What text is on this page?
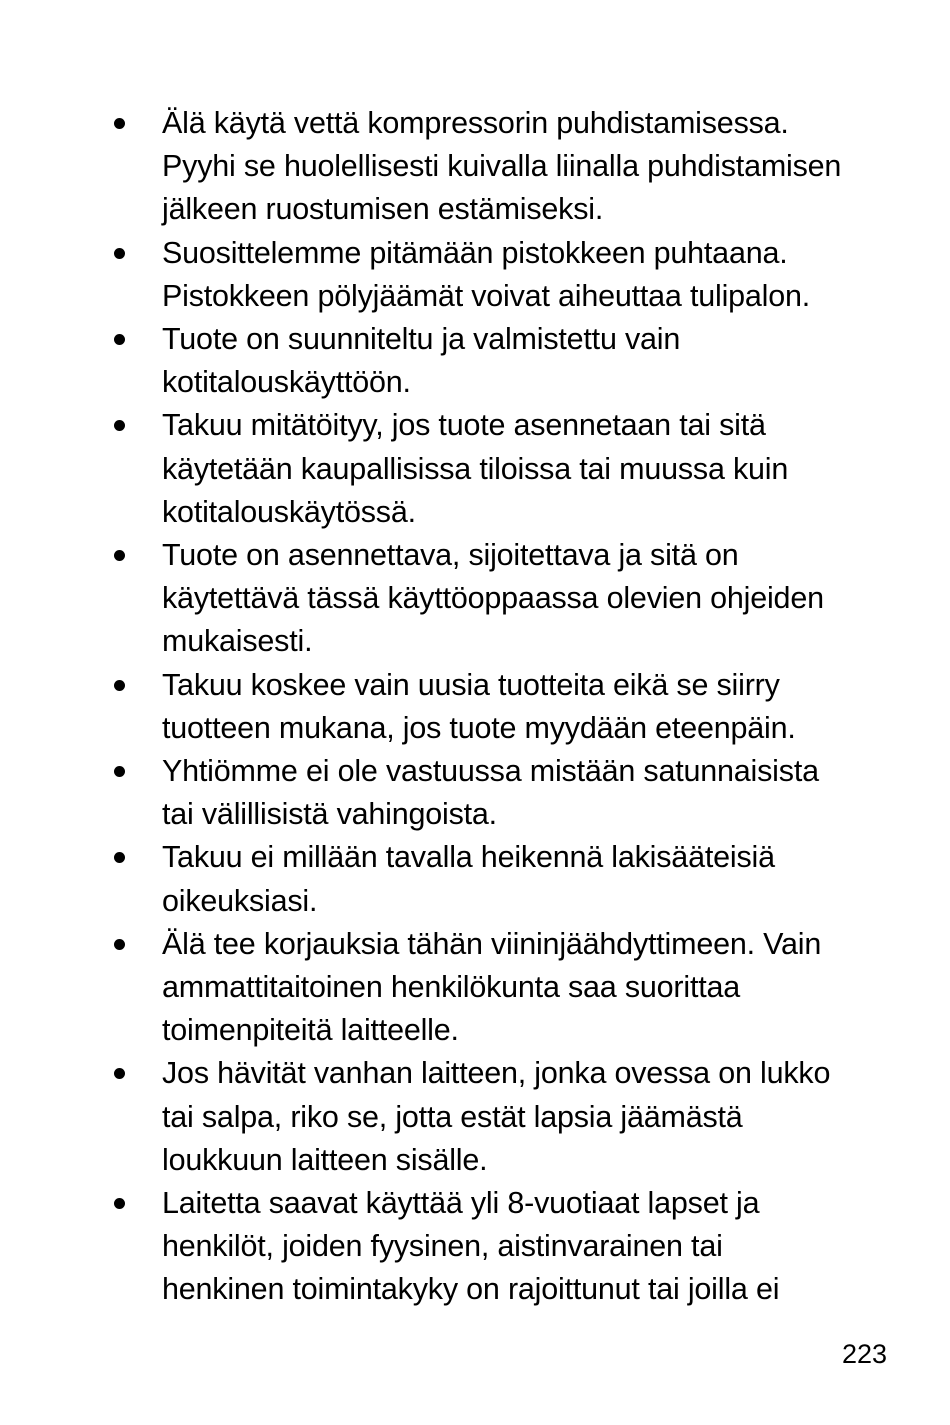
Älä käytä vettä kompressorin puhdistamisessa.
Pyyhi se huolellisesti kuivalla liinalla puhdistamisen
jälkeen ruostumisen estämiseksi.
Suosittelemme pitämään pistokkeen puhtaana.
Pistokkeen pölyjäämät voivat aiheuttaa tulipalon.
Tuote on suunniteltu ja valmistettu vain
kotitalouskäyttöön.
Takuu mitätöityy, jos tuote asennetaan tai sitä
käytetään kaupallisissa tiloissa tai muussa kuin
kotitalouskäytössä.
Tuote on asennettava, sijoitettava ja sitä on
käytettävä tässä käyttöoppaassa olevien ohjeiden
mukaisesti.
Takuu koskee vain uusia tuotteita eikä se siirry
tuotteen mukana, jos tuote myydään eteenpäin.
Yhtiömme ei ole vastuussa mistään satunnaisista
tai välillisistä vahingoista.
Takuu ei millään tavalla heikennä lakisääteisiä
oikeuksiasi.
Älä tee korjauksia tähän viininjäähdyttimeen. Vain
ammattitaitoinen henkilökunta saa suorittaa
toimenpiteitä laitteelle.
Jos hävität vanhan laitteen, jonka ovessa on lukko
tai salpa, riko se, jotta estät lapsia jäämästä
loukkuun laitteen sisälle.
Laitetta saavat käyttää yli 8-vuotiaat lapset ja
henkilöt, joiden fyysinen, aistinvarainen tai
henkinen toimintakyky on rajoittunut tai joilla ei
223
